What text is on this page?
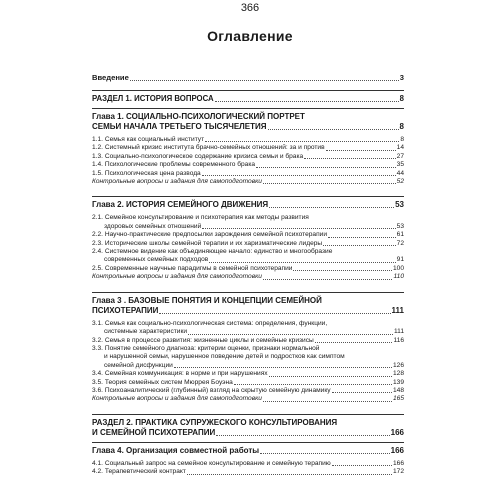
366
Оглавление
Введение	3
РАЗДЕЛ 1. ИСТОРИЯ ВОПРОСА	8
Глава 1. СОЦИАЛЬНО-ПСИХОЛОГИЧЕСКИЙ ПОРТРЕТ
СЕМЬИ НАЧАЛА ТРЕТЬЕГО ТЫСЯЧЕЛЕТИЯ	8
1.1. Семья как социальный институт	8
1.2. Системный кризис института брачно-семейных отношений: за и против	14
1.3. Социально-психологическое содержание кризиса семьи и брака	27
1.4. Психологические проблемы современного брака	35
1.5. Психологическая цена развода	44
Контрольные вопросы и задания для самоподготовки	52
Глава 2. ИСТОРИЯ СЕМЕЙНОГО ДВИЖЕНИЯ	53
2.1. Семейное консультирование и психотерапия как методы развития
здоровых семейных отношений	53
2.2. Научно-практические предпосылки зарождения семейной психотерапии	61
2.3. Исторические школы семейной терапии и их харизматические лидеры	72
2.4. Системное видение как объединяющее начало: единство и многообразие
современных семейных подходов	91
2.5. Современные научные парадигмы в семейной психотерапии	100
Контрольные вопросы и задания для самоподготовки	110
Глава 3 . БАЗОВЫЕ ПОНЯТИЯ И КОНЦЕПЦИИ СЕМЕЙНОЙ
ПСИХОТЕРАПИИ	111
3.1. Семья как социально-психологическая система: определения, функции,
системные характеристики	111
3.2. Семья в процессе развития: жизненные циклы и семейные кризисы	116
3.3. Понятие семейного диагноза: критерии оценки, признаки нормальной
и нарушенной семьи, нарушенное поведение детей и подростков как симптом
семейной дисфункции	126
3.4. Семейная коммуникация: в норме и при нарушениях	128
3.5. Теория семейных систем Мюррея Боуэна	139
3.6. Психоаналитический (глубинный) взгляд на скрытую семейную динамику	148
Контрольные вопросы и задания для самоподготовки	165
РАЗДЕЛ 2. ПРАКТИКА СУПРУЖЕСКОГО КОНСУЛЬТИРОВАНИЯ
И СЕМЕЙНОЙ ПСИХОТЕРАПИИ	166
Глава 4. Организация совместной работы	166
4.1. Социальный запрос на семейное консультирование и семейную терапию	166
4.2. Терапевтический контракт	172
